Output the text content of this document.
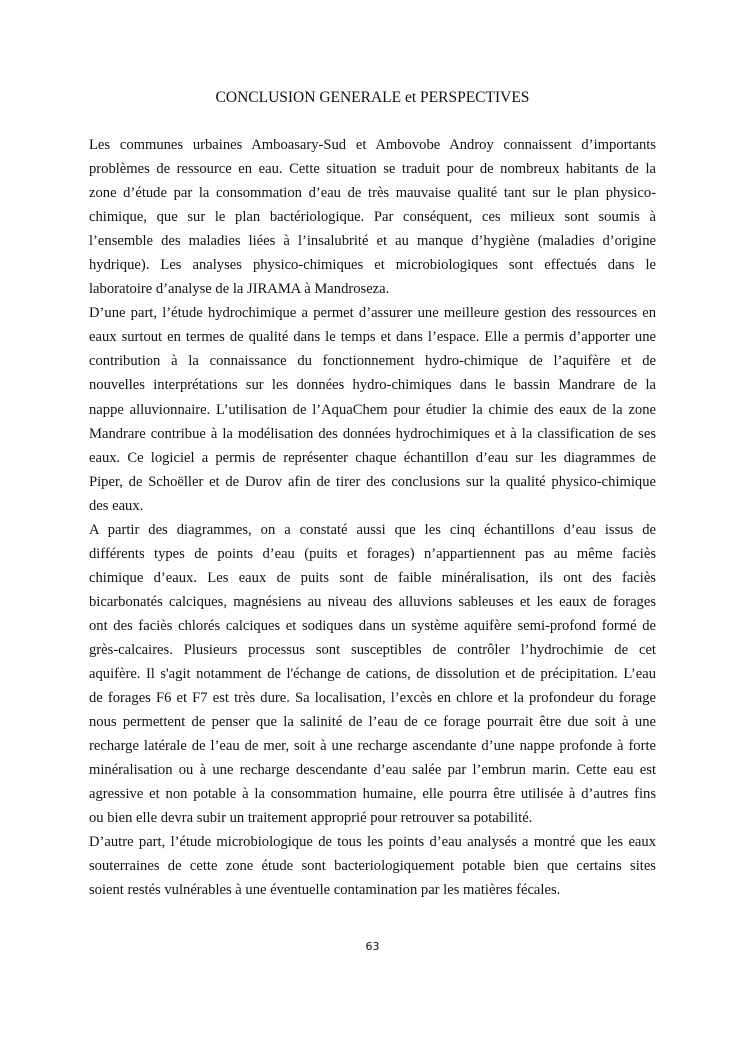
CONCLUSION GENERALE et PERSPECTIVES
Les communes urbaines Amboasary-Sud et Ambovobe Androy connaissent d’importants
problèmes de ressource en eau. Cette situation se traduit pour de nombreux habitants de la
zone d’étude par la consommation d’eau de très mauvaise qualité tant sur le plan physico-
chimique, que sur le plan bactériologique. Par conséquent, ces milieux sont soumis à
l’ensemble des maladies liées à l’insalubrité et au manque d’hygiène (maladies d’origine
hydrique). Les analyses physico-chimiques et microbiologiques sont effectués dans le
laboratoire d’analyse de la JIRAMA à Mandroseza.
D’une part, l’étude hydrochimique a permet d’assurer une meilleure gestion des ressources en
eaux surtout en termes de qualité dans le temps et dans l’espace. Elle a permis d’apporter une
contribution à la connaissance du fonctionnement hydro-chimique de l’aquifère et de
nouvelles interprétations sur les données hydro-chimiques dans le bassin Mandrare de la
nappe alluvionnaire. L’utilisation de l’AquaChem pour étudier la chimie des eaux de la zone
Mandrare contribue à la modélisation des données hydrochimiques et à la classification de ses
eaux. Ce logiciel a permis de représenter chaque échantillon d’eau sur les diagrammes de
Piper, de Schoëller et de Durov afin de tirer des conclusions sur la qualité physico-chimique
des eaux.
A partir des diagrammes, on a constaté aussi que les cinq échantillons d’eau issus de
différents types de points d’eau (puits et forages) n’appartiennent pas au même faciès
chimique d’eaux. Les eaux de puits sont de faible minéralisation, ils ont des faciès
bicarbonatés calciques, magnésiens au niveau des alluvions sableuses et les eaux de forages
ont des faciès chlorés calciques et sodiques dans un système aquifère semi-profond formé de
grès-calcaires. Plusieurs processus sont susceptibles de contrôler l’hydrochimie de cet
aquifère. Il s'agit notamment de l'échange de cations, de dissolution et de précipitation. L’eau
de forages F6 et F7 est très dure. Sa localisation, l’excès en chlore et la profondeur du forage
nous permettent de penser que la salinité de l’eau de ce forage pourrait être due soit à une
recharge latérale de l’eau de mer, soit à une recharge ascendante d’une nappe profonde à forte
minéralisation ou à une recharge descendante d’eau salée par l’embrun marin. Cette eau est
agressive et non potable à la consommation humaine, elle pourra être utilisée à d’autres fins
ou bien elle devra subir un traitement approprié pour retrouver sa potabilité.
D’autre part, l’étude microbiologique de tous les points d’eau analysés a montré que les eaux
souterraines de cette zone étude sont bacteriologiquement potable bien que certains sites
soient restés vulnérables à une éventuelle contamination par les matières fécales.
63
